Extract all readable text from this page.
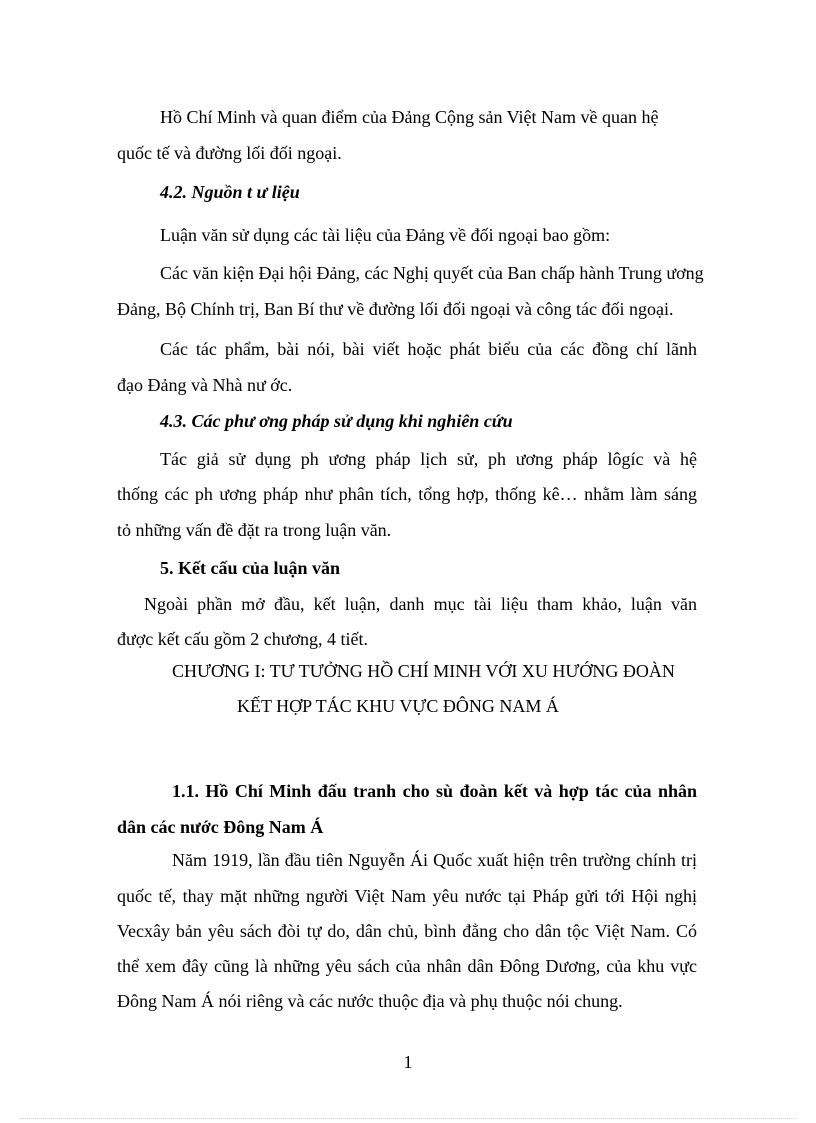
Hồ Chí Minh và quan điểm của Đảng Cộng sản Việt Nam về quan hệ

quốc tế và đường lối đối ngoại.

4.2. Nguồn t ư liệu

Luận văn sử dụng các tài liệu của Đảng về đối ngoại bao gồm:

Các văn kiện Đại hội Đảng, các Nghị quyết của Ban chấp hành Trung ương

Đảng, Bộ Chính trị, Ban Bí thư về đường lối đối ngoại và công tác đối ngoại.

Các tác phẩm, bài nói, bài viết hoặc phát biểu của các đồng chí lãnh

đạo Đảng và Nhà nư ớc.

4.3. Các phư ơng pháp sử dụng khi nghiên cứu

Tác giả sử dụng ph ương pháp lịch sử, ph ương pháp lôgíc và hệ

thống các ph ương pháp như phân tích, tổng hợp, thống kê… nhằm làm sáng

tỏ những vấn đề đặt ra trong luận văn.

5. Kết cấu của luận văn

Ngoài phần mở đầu, kết luận, danh mục tài liệu tham khảo, luận văn

được kết cấu gồm 2 chương, 4 tiết.

CHƯƠNG I: TƯ TƯỞNG HỒ CHÍ MINH VỚI XU HƯỚNG ĐOÀN

KẾT HỢP TÁC KHU VỰC ĐÔNG NAM Á

1.1. Hồ Chí Minh đấu tranh cho sù đoàn kết và hợp tác của nhân

dân các nước Đông Nam Á

Năm 1919, lần đầu tiên Nguyễn Ái Quốc xuất hiện trên trường chính trị

quốc tế, thay mặt những người Việt Nam yêu nước tại Pháp gửi tới Hội nghị

Vecxây bản yêu sách đòi tự do, dân chủ, bình đẳng cho dân tộc Việt Nam. Có

thể xem đây cũng là những yêu sách của nhân dân Đông Dương, của khu vực

Đông Nam Á nói riêng và các nước thuộc địa và phụ thuộc nói chung.

1
